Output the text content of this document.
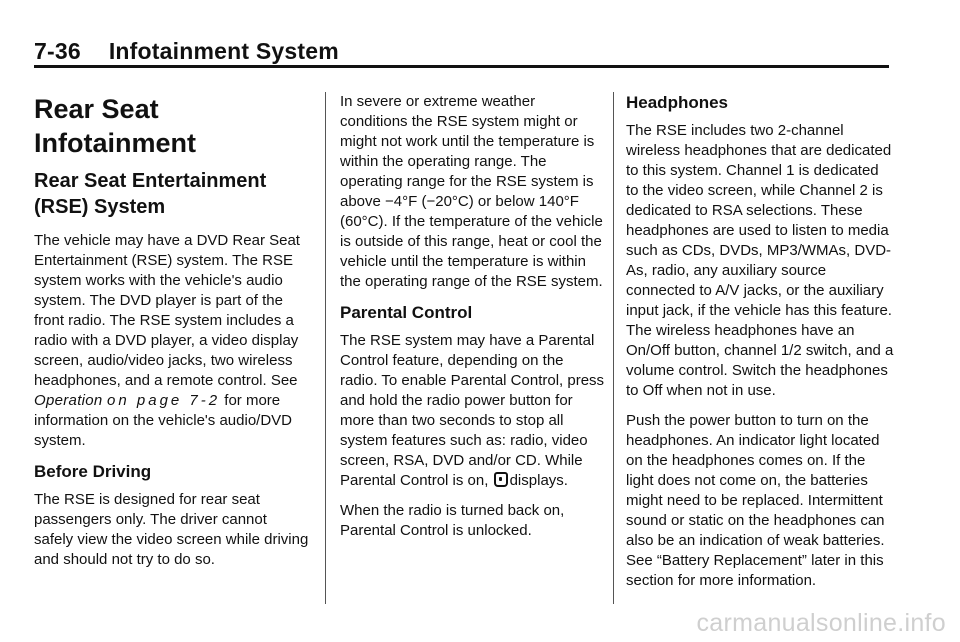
7-36 Infotainment System
Rear Seat Infotainment
Rear Seat Entertainment (RSE) System

The vehicle may have a DVD Rear Seat Entertainment (RSE) system. The RSE system works with the vehicle's audio system. The DVD player is part of the front radio. The RSE system includes a radio with a DVD player, a video display screen, audio/video jacks, two wireless headphones, and a remote control. See Operation on page 7-2 for more information on the vehicle's audio/DVD system.

Before Driving

The RSE is designed for rear seat passengers only. The driver cannot safely view the video screen while driving and should not try to do so.

In severe or extreme weather conditions the RSE system might or might not work until the temperature is within the operating range. The operating range for the RSE system is above −4°F (−20°C) or below 140°F (60°C). If the temperature of the vehicle is outside of this range, heat or cool the vehicle until the temperature is within the operating range of the RSE system.

Parental Control

The RSE system may have a Parental Control feature, depending on the radio. To enable Parental Control, press and hold the radio power button for more than two seconds to stop all system features such as: radio, video screen, RSA, DVD and/or CD. While Parental Control is on, displays.

When the radio is turned back on, Parental Control is unlocked.

Headphones

The RSE includes two 2-channel wireless headphones that are dedicated to this system. Channel 1 is dedicated to the video screen, while Channel 2 is dedicated to RSA selections. These headphones are used to listen to media such as CDs, DVDs, MP3/WMAs, DVD-As, radio, any auxiliary source connected to A/V jacks, or the auxiliary input jack, if the vehicle has this feature. The wireless headphones have an On/Off button, channel 1/2 switch, and a volume control. Switch the headphones to Off when not in use.

Push the power button to turn on the headphones. An indicator light located on the headphones comes on. If the light does not come on, the batteries might need to be replaced. Intermittent sound or static on the headphones can also be an indication of weak batteries. See “Battery Replacement” later in this section for more information.

carmanualsonline.info
